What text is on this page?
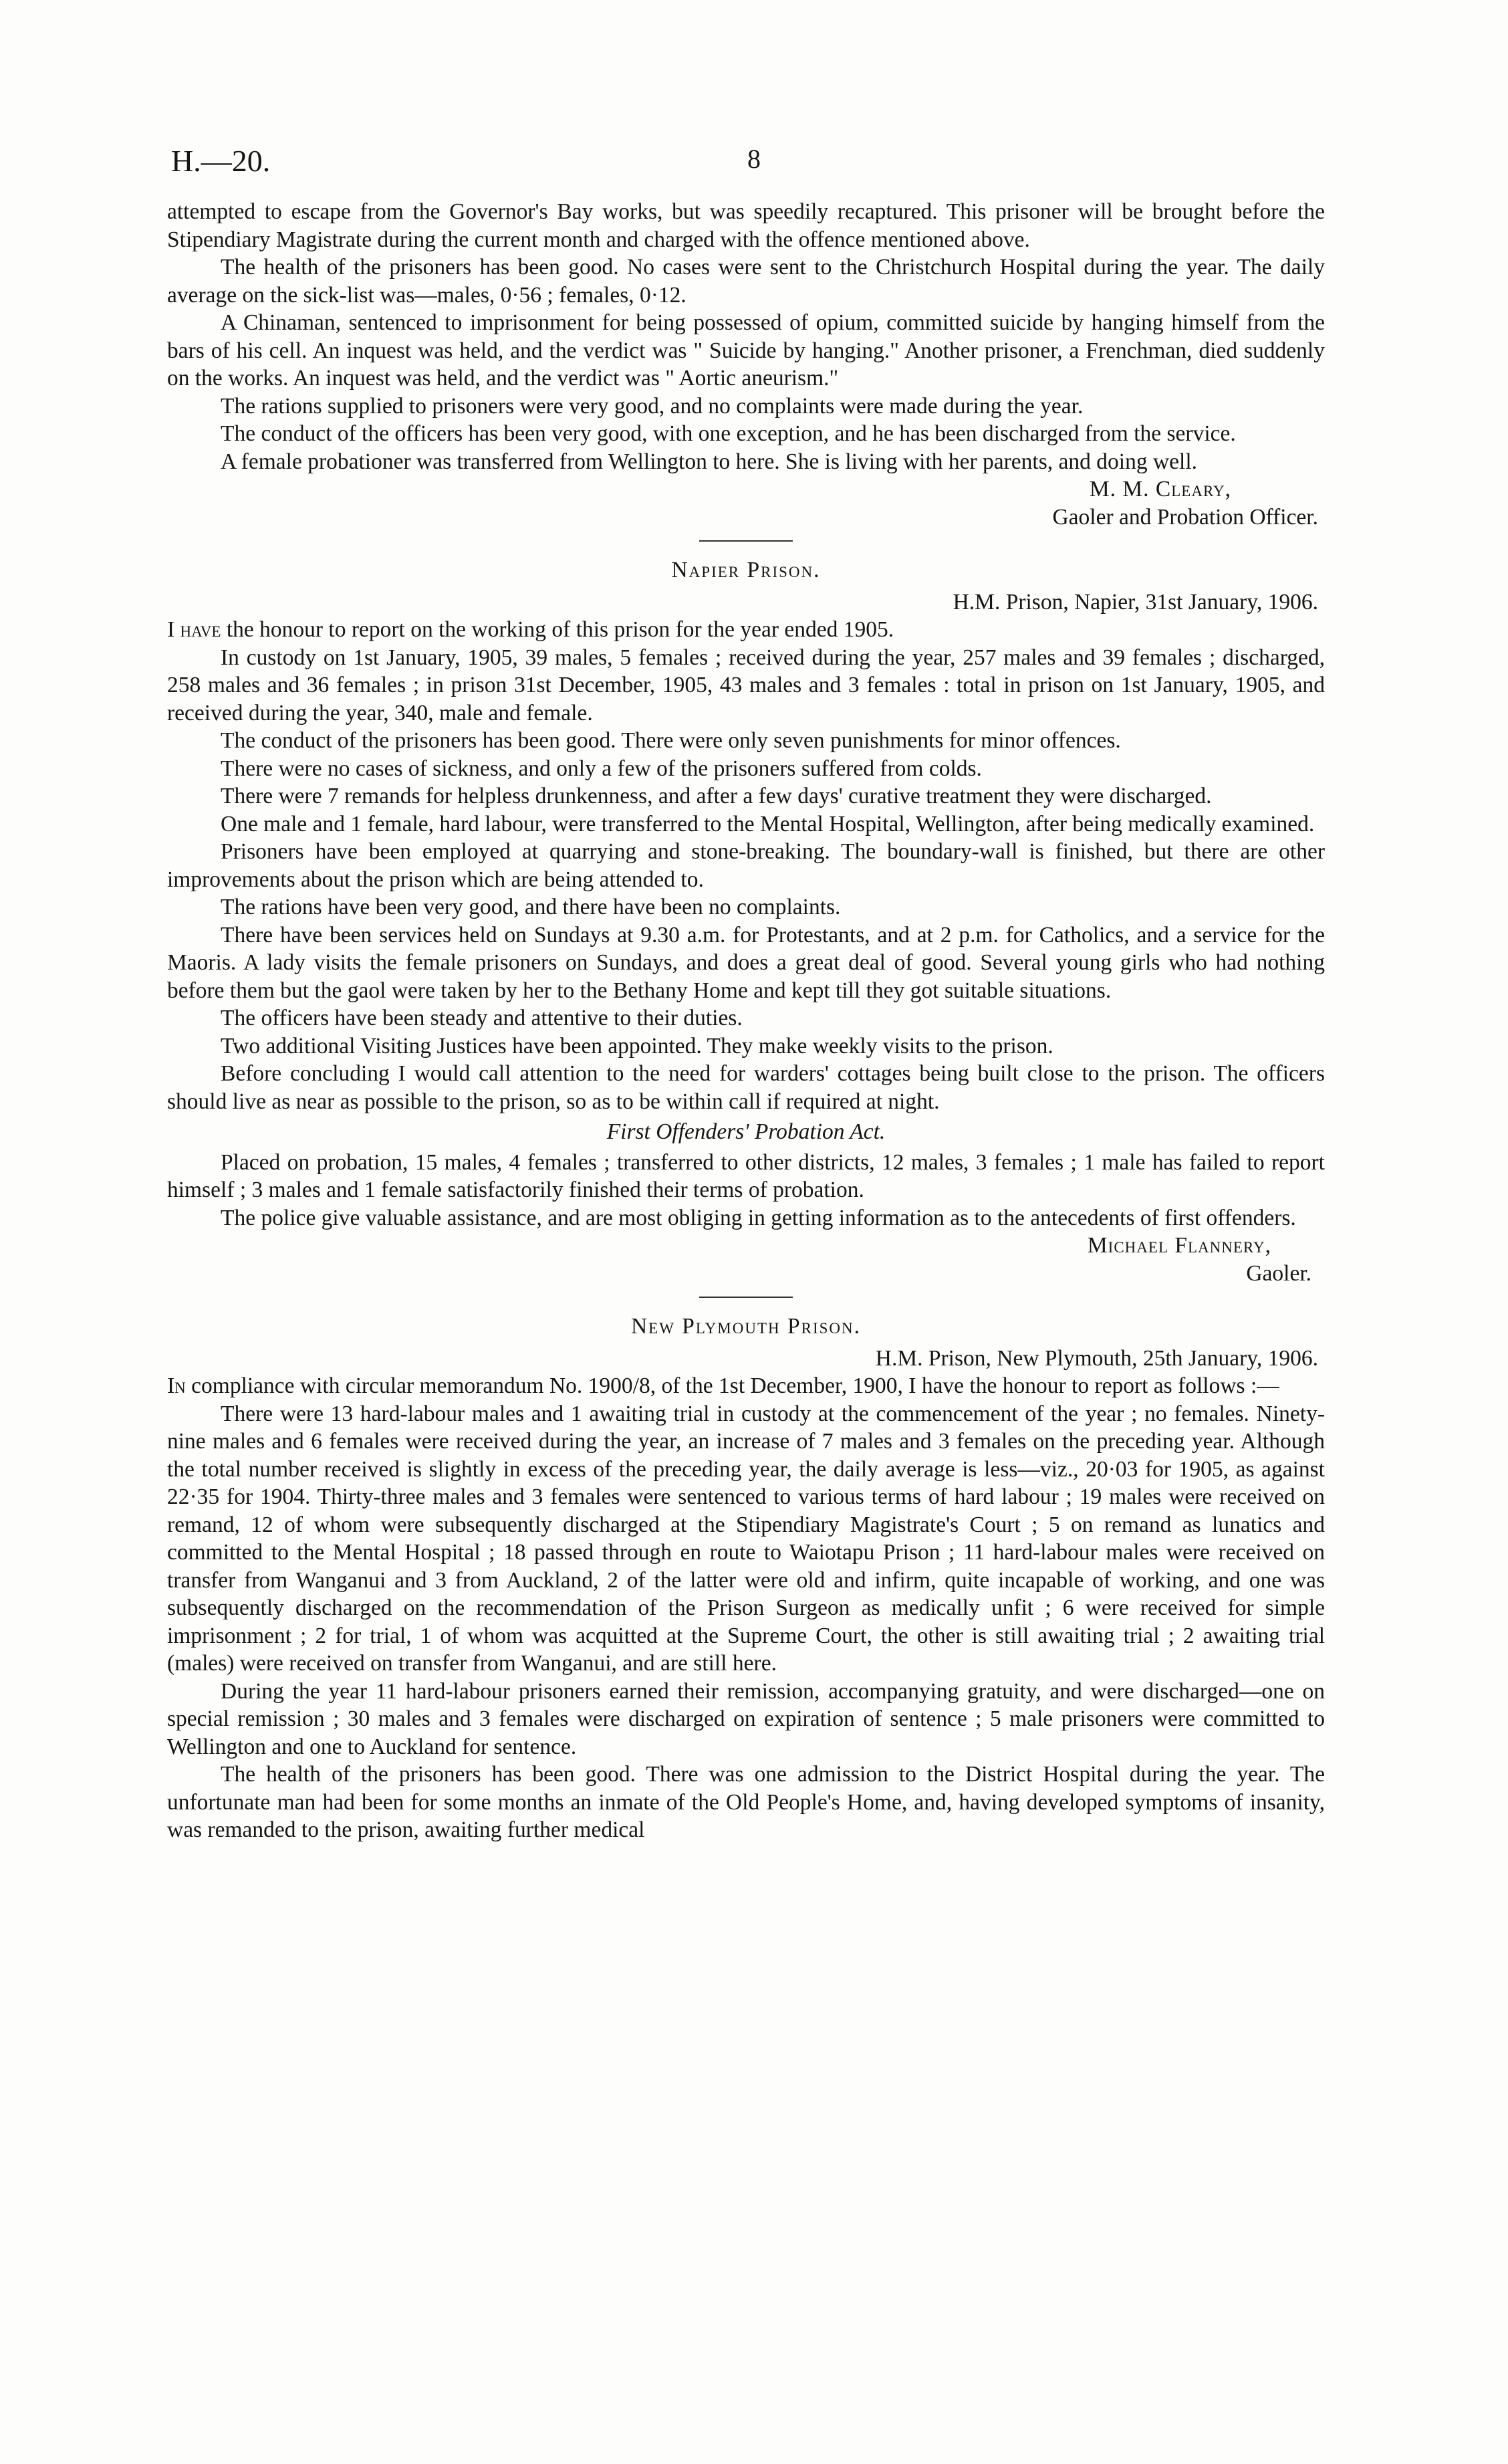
H.—20.	8

attempted to escape from the Governor's Bay works, but was speedily recaptured. This prisoner will be brought before the Stipendiary Magistrate during the current month and charged with the offence mentioned above.

The health of the prisoners has been good. No cases were sent to the Christchurch Hospital during the year. The daily average on the sick-list was—males, 0·56 ; females, 0·12.

A Chinaman, sentenced to imprisonment for being possessed of opium, committed suicide by hanging himself from the bars of his cell. An inquest was held, and the verdict was " Suicide by hanging." Another prisoner, a Frenchman, died suddenly on the works. An inquest was held, and the verdict was " Aortic aneurism."

The rations supplied to prisoners were very good, and no complaints were made during the year.

The conduct of the officers has been very good, with one exception, and he has been discharged from the service.

A female probationer was transferred from Wellington to here. She is living with her parents, and doing well.

M. M. Cleary,
Gaoler and Probation Officer.
Napier Prison.
H.M. Prison, Napier, 31st January, 1906.

I have the honour to report on the working of this prison for the year ended 1905.

In custody on 1st January, 1905, 39 males, 5 females ; received during the year, 257 males and 39 females ; discharged, 258 males and 36 females ; in prison 31st December, 1905, 43 males and 3 females : total in prison on 1st January, 1905, and received during the year, 340, male and female.

The conduct of the prisoners has been good. There were only seven punishments for minor offences.

There were no cases of sickness, and only a few of the prisoners suffered from colds.

There were 7 remands for helpless drunkenness, and after a few days' curative treatment they were discharged.

One male and 1 female, hard labour, were transferred to the Mental Hospital, Wellington, after being medically examined.

Prisoners have been employed at quarrying and stone-breaking. The boundary-wall is finished, but there are other improvements about the prison which are being attended to.

The rations have been very good, and there have been no complaints.

There have been services held on Sundays at 9.30 a.m. for Protestants, and at 2 p.m. for Catholics, and a service for the Maoris. A lady visits the female prisoners on Sundays, and does a great deal of good. Several young girls who had nothing before them but the gaol were taken by her to the Bethany Home and kept till they got suitable situations.

The officers have been steady and attentive to their duties.

Two additional Visiting Justices have been appointed. They make weekly visits to the prison.

Before concluding I would call attention to the need for warders' cottages being built close to the prison. The officers should live as near as possible to the prison, so as to be within call if required at night.

First Offenders' Probation Act.

Placed on probation, 15 males, 4 females ; transferred to other districts, 12 males, 3 females ; 1 male has failed to report himself ; 3 males and 1 female satisfactorily finished their terms of probation.

The police give valuable assistance, and are most obliging in getting information as to the antecedents of first offenders.

Michael Flannery,
Gaoler.
New Plymouth Prison.
H.M. Prison, New Plymouth, 25th January, 1906.

In compliance with circular memorandum No. 1900/8, of the 1st December, 1900, I have the honour to report as follows :—

There were 13 hard-labour males and 1 awaiting trial in custody at the commencement of the year ; no females. Ninety-nine males and 6 females were received during the year, an increase of 7 males and 3 females on the preceding year. Although the total number received is slightly in excess of the preceding year, the daily average is less—viz., 20·03 for 1905, as against 22·35 for 1904. Thirty-three males and 3 females were sentenced to various terms of hard labour ; 19 males were received on remand, 12 of whom were subsequently discharged at the Stipendiary Magistrate's Court ; 5 on remand as lunatics and committed to the Mental Hospital ; 18 passed through en route to Waiotapu Prison ; 11 hard-labour males were received on transfer from Wanganui and 3 from Auckland, 2 of the latter were old and infirm, quite incapable of working, and one was subsequently discharged on the recommendation of the Prison Surgeon as medically unfit ; 6 were received for simple imprisonment ; 2 for trial, 1 of whom was acquitted at the Supreme Court, the other is still awaiting trial ; 2 awaiting trial (males) were received on transfer from Wanganui, and are still here.

During the year 11 hard-labour prisoners earned their remission, accompanying gratuity, and were discharged—one on special remission ; 30 males and 3 females were discharged on expiration of sentence ; 5 male prisoners were committed to Wellington and one to Auckland for sentence.

The health of the prisoners has been good. There was one admission to the District Hospital during the year. The unfortunate man had been for some months an inmate of the Old People's Home, and, having developed symptoms of insanity, was remanded to the prison, awaiting further medical
